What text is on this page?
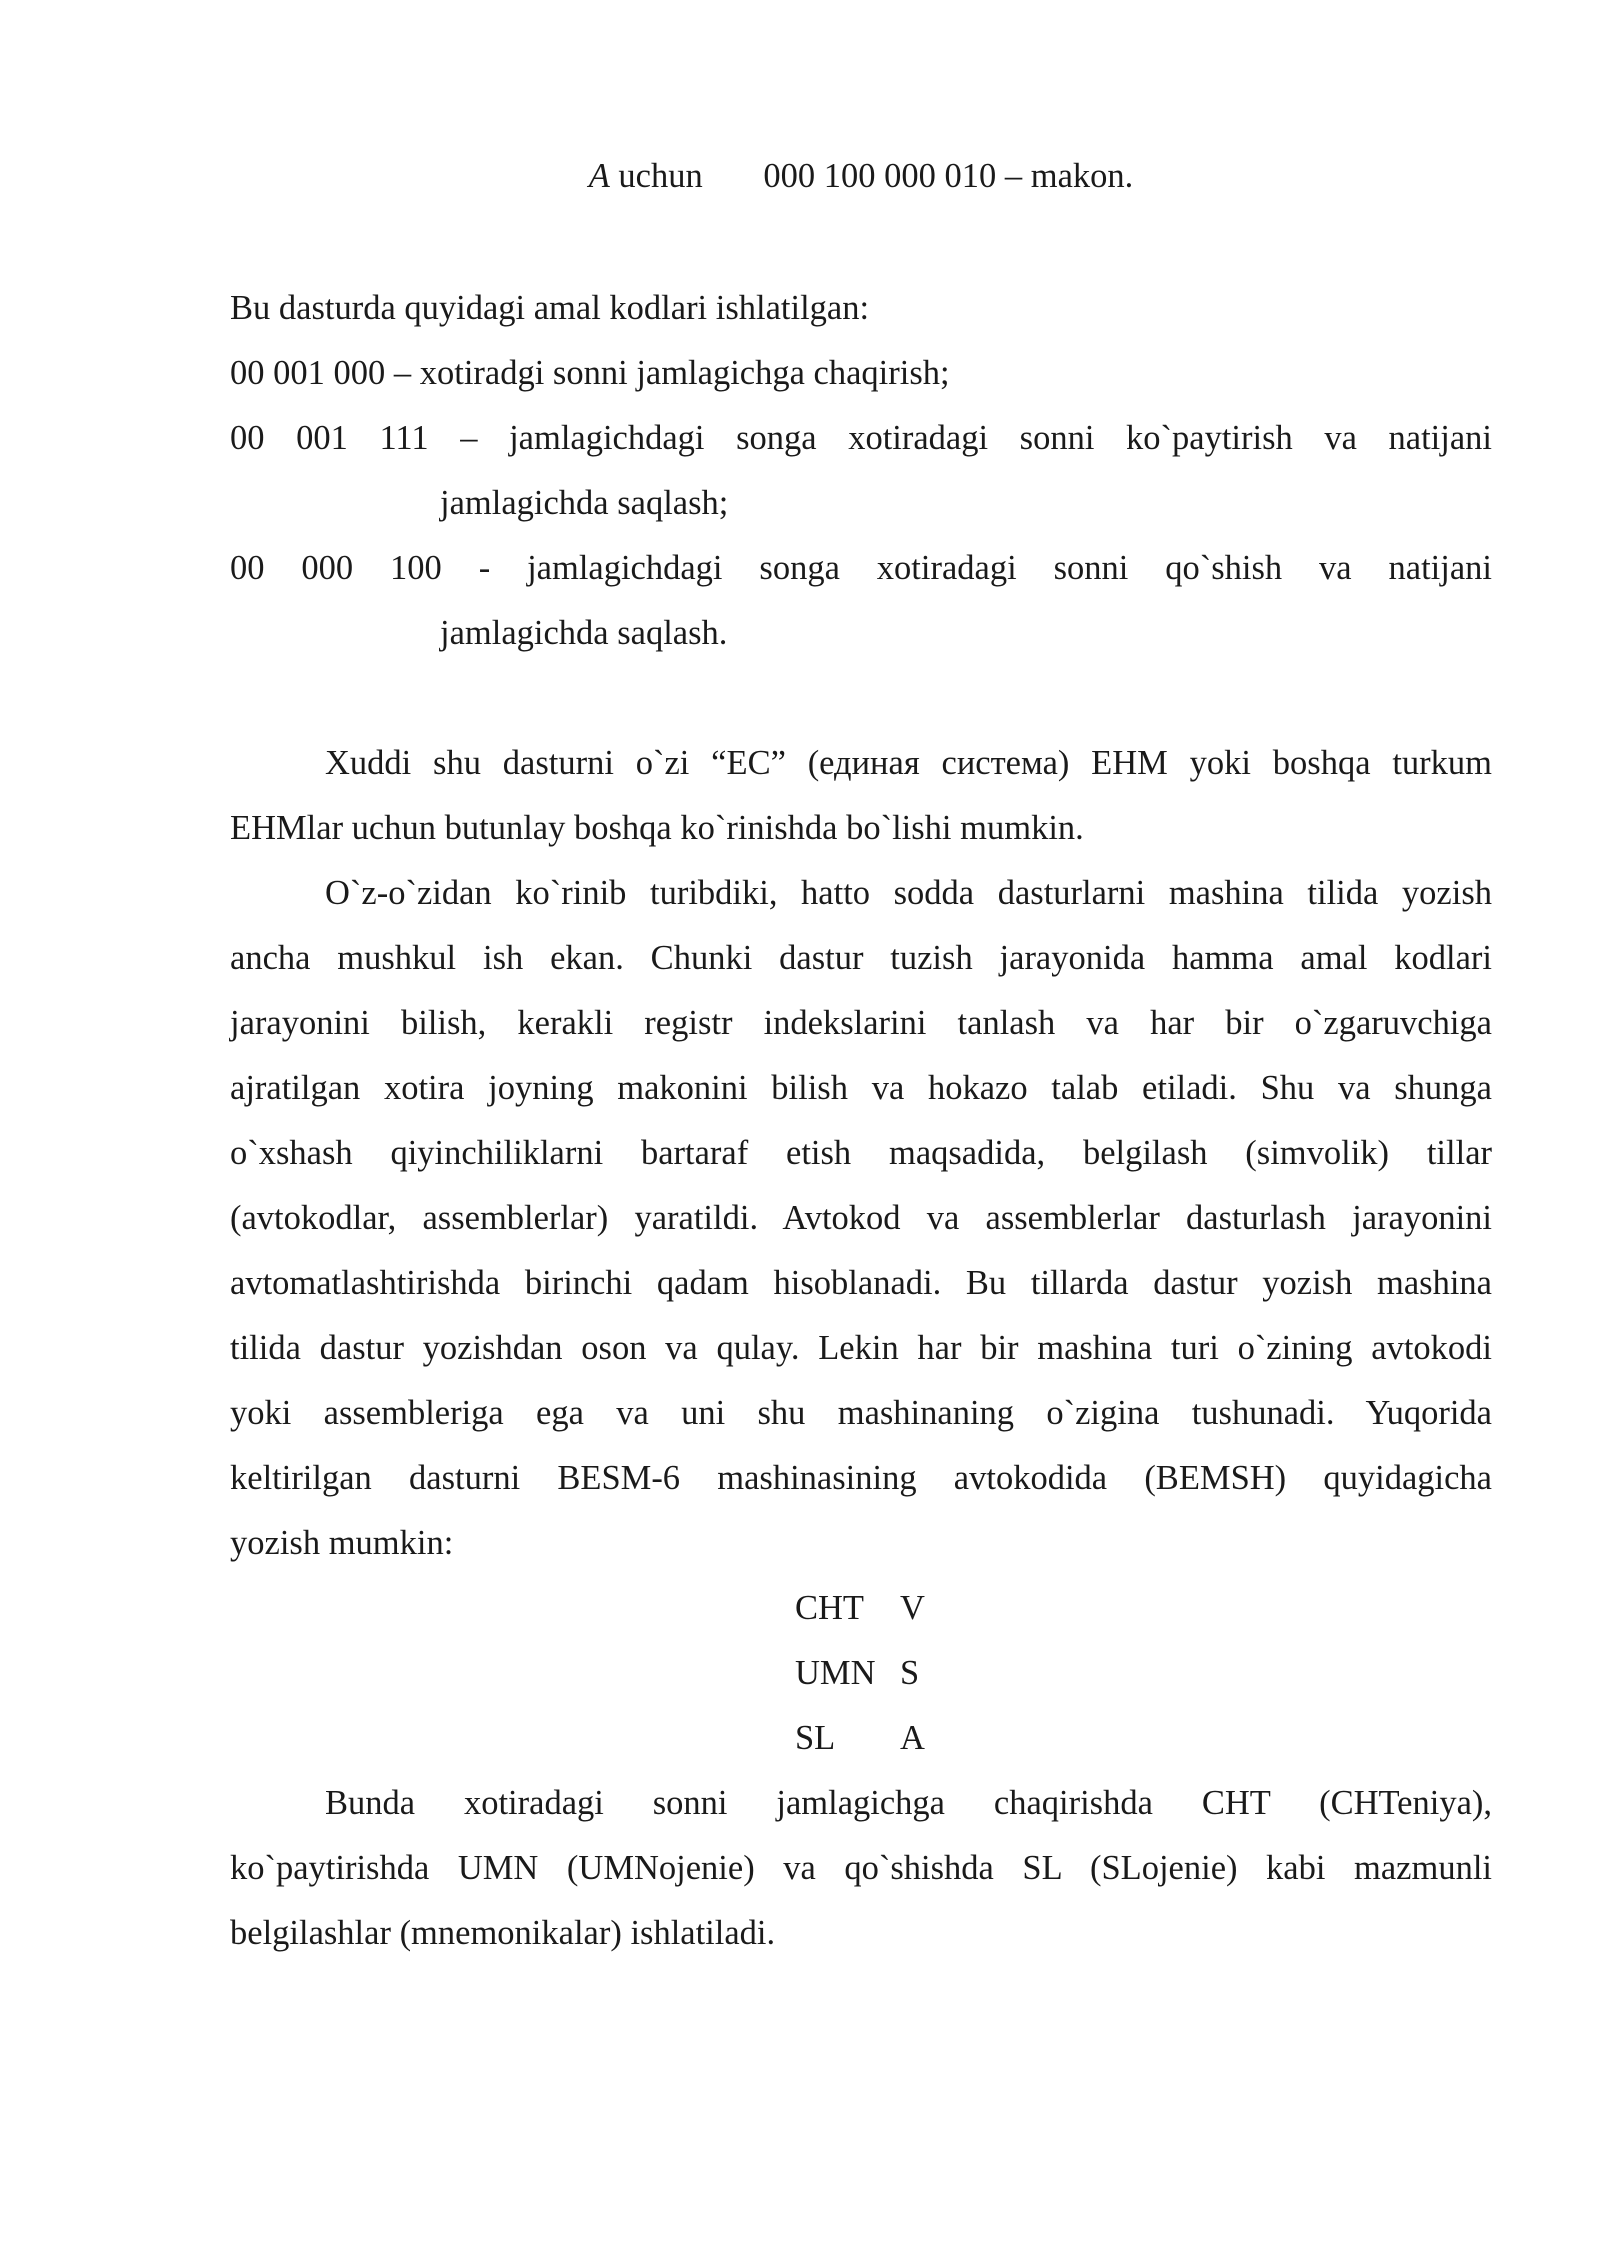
A uchun 000 100 000 010 – makon.
Bu dasturda quyidagi amal kodlari ishlatilgan:
00 001 000 – xotiradgi sonni jamlagichga chaqirish;
00 001 111 – jamlagichdagi songa xotiradagi sonni ko`paytirish va natijani
jamlagichda saqlash;
00 000 100 - jamlagichdagi songa xotiradagi sonni qo`shish va natijani
jamlagichda saqlash.
Xuddi shu dasturni o`zi “EC” (единая система) EHM yoki boshqa turkum
EHMlar uchun butunlay boshqa ko`rinishda bo`lishi mumkin.
O`z-o`zidan ko`rinib turibdiki, hatto sodda dasturlarni mashina tilida yozish
ancha mushkul ish ekan. Chunki dastur tuzish jarayonida hamma amal kodlari
jarayonini bilish, kerakli registr indekslarini tanlash va har bir o`zgaruvchiga
ajratilgan xotira joyning makonini bilish va hokazo talab etiladi. Shu va shunga
o`xshash qiyinchiliklarni bartaraf etish maqsadida, belgilash (simvolik) tillar
(avtokodlar, assemblerlar) yaratildi. Avtokod va assemblerlar dasturlash jarayonini
avtomatlashtirishda birinchi qadam hisoblanadi. Bu tillarda dastur yozish mashina
tilida dastur yozishdan oson va qulay. Lekin har bir mashina turi o`zining avtokodi
yoki assembleriga ega va uni shu mashinaning o`zigina tushunadi. Yuqorida
keltirilgan dasturni BESM-6 mashinasining avtokodida (BEMSH) quyidagicha
yozish mumkin:
CHT V
UMN S
SL A
Bunda xotiradagi sonni jamlagichga chaqirishda CHT (CHTeniya),
ko`paytirishda UMN (UMNojenie) va qo`shishda SL (SLojenie) kabi mazmunli
belgilashlar (mnemonikalar) ishlatiladi.
